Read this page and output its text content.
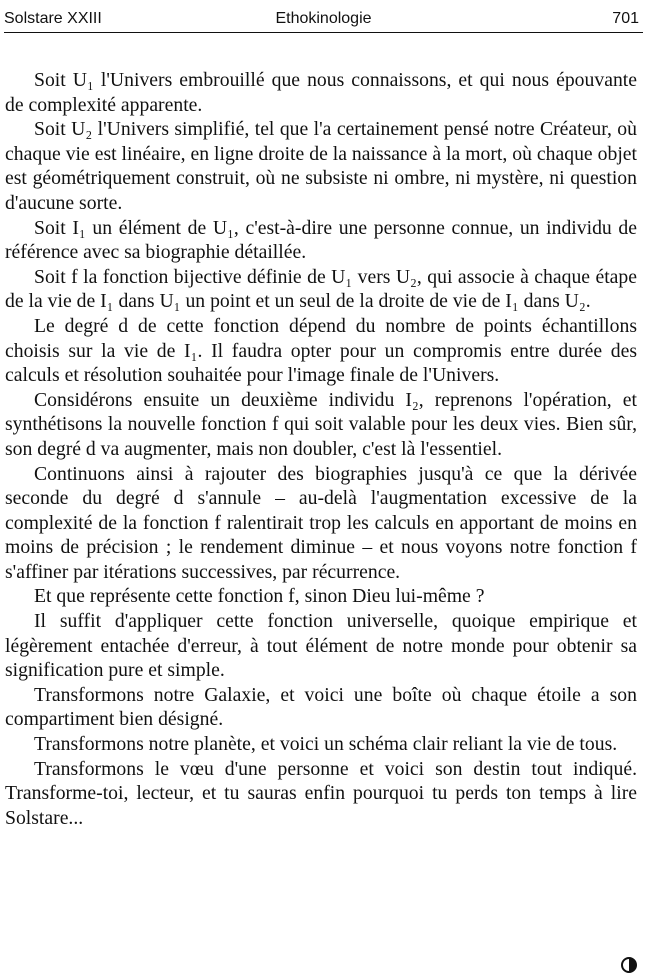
Solstare XXIII	Ethokinologie	701

Soit U₁ l'Univers embrouillé que nous connaissons, et qui nous épouvante de complexité apparente.

Soit U₂ l'Univers simplifié, tel que l'a certainement pensé notre Créateur, où chaque vie est linéaire, en ligne droite de la naissance à la mort, où chaque objet est géométriquement construit, où ne subsiste ni ombre, ni mystère, ni question d'aucune sorte.

Soit I₁ un élément de U₁, c'est-à-dire une personne connue, un individu de référence avec sa biographie détaillée.

Soit f la fonction bijective définie de U₁ vers U₂, qui associe à chaque étape de la vie de I₁ dans U₁ un point et un seul de la droite de vie de I₁ dans U₂.

Le degré d de cette fonction dépend du nombre de points échantillons choisis sur la vie de I₁. Il faudra opter pour un compromis entre durée des calculs et résolution souhaitée pour l'image finale de l'Univers.

Considérons ensuite un deuxième individu I₂, reprenons l'opération, et synthétisons la nouvelle fonction f qui soit valable pour les deux vies. Bien sûr, son degré d va augmenter, mais non doubler, c'est là l'essentiel.

Continuons ainsi à rajouter des biographies jusqu'à ce que la dérivée seconde du degré d s'annule – au-delà l'augmentation excessive de la complexité de la fonction f ralentirait trop les calculs en apportant de moins en moins de précision ; le rendement diminue – et nous voyons notre fonction f s'affiner par itérations successives, par récurrence.

Et que représente cette fonction f, sinon Dieu lui-même ?

Il suffit d'appliquer cette fonction universelle, quoique empirique et légèrement entachée d'erreur, à tout élément de notre monde pour obtenir sa signification pure et simple.

Transformons notre Galaxie, et voici une boîte où chaque étoile a son compartiment bien désigné.

Transformons notre planète, et voici un schéma clair reliant la vie de tous.

Transformons le vœu d'une personne et voici son destin tout indiqué. Transforme-toi, lecteur, et tu sauras enfin pourquoi tu perds ton temps à lire Solstare...
